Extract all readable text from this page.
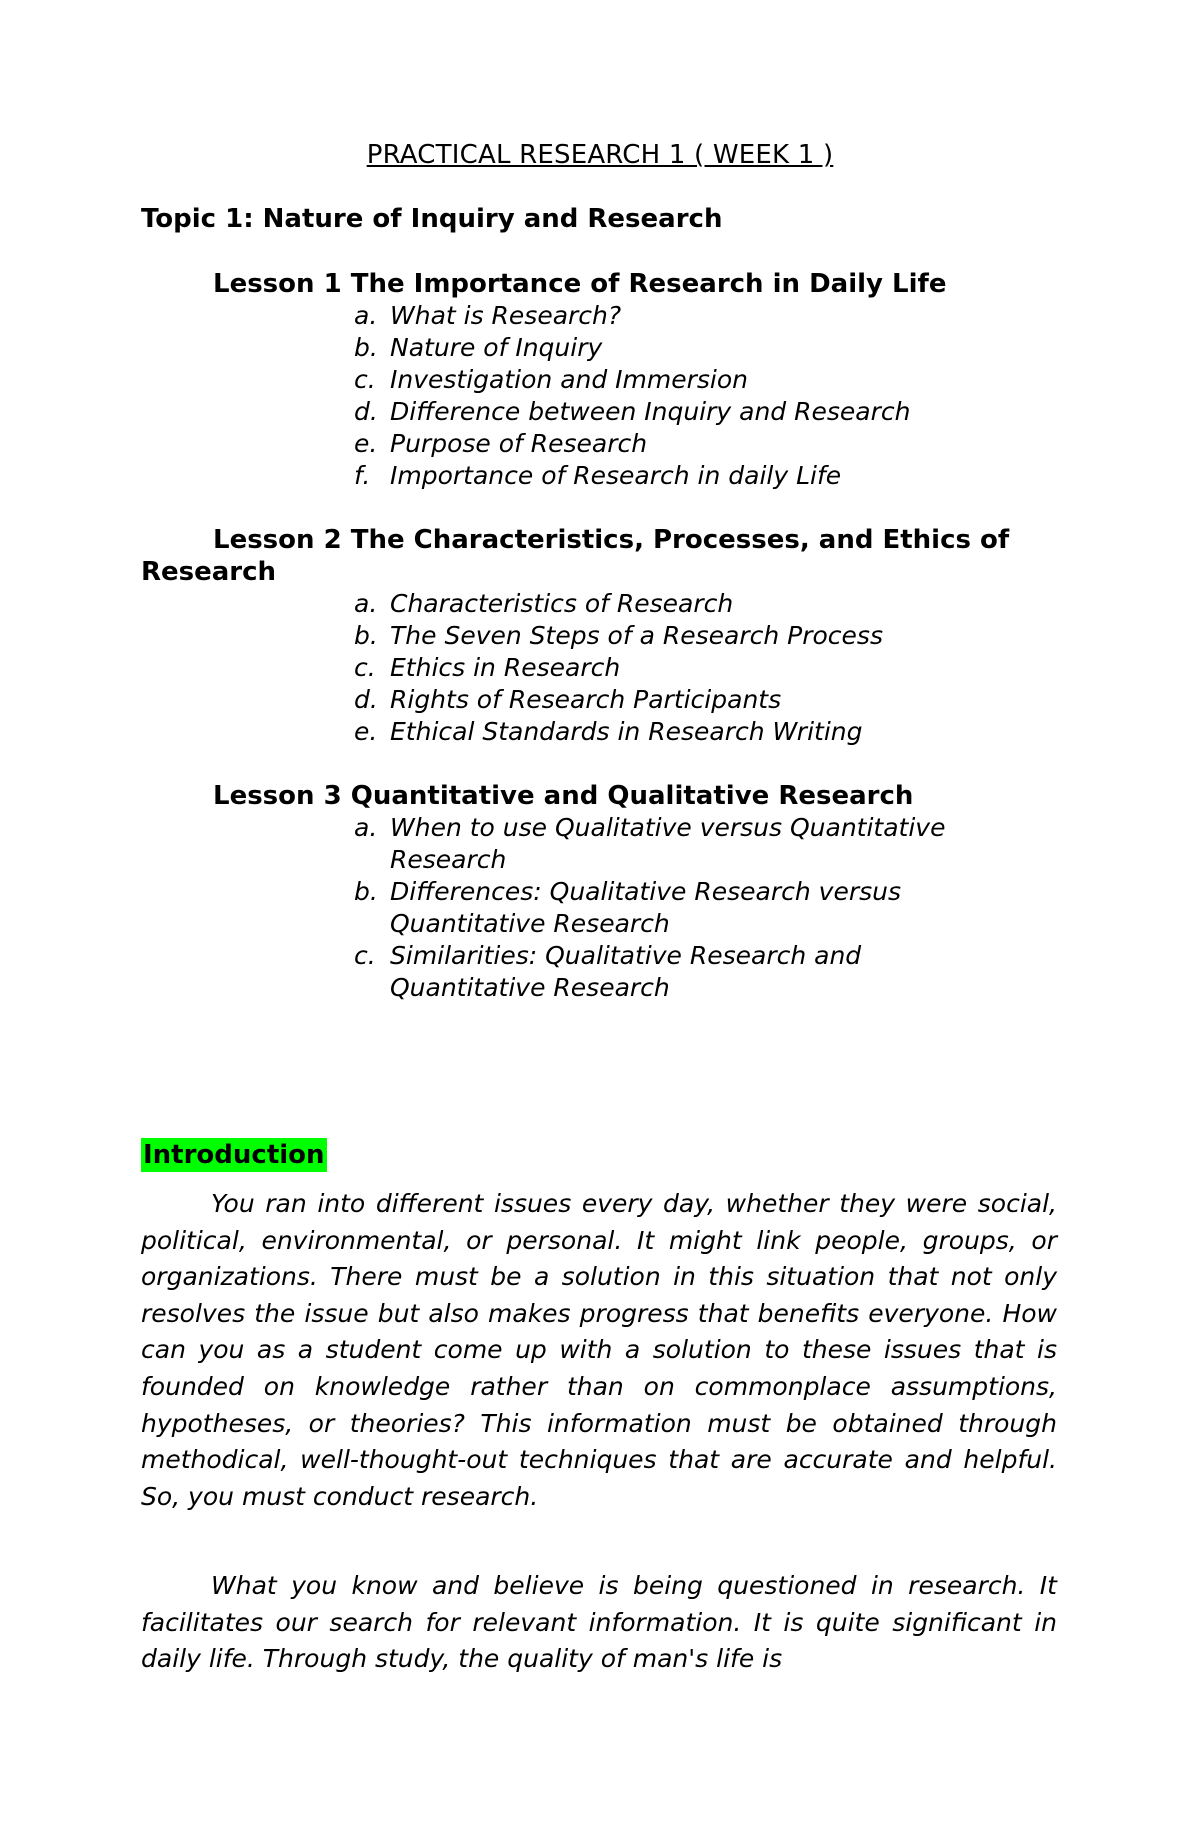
PRACTICAL RESEARCH 1 ( WEEK 1 )
Topic 1: Nature of Inquiry and Research
Lesson 1 The Importance of Research in Daily Life
a. What is Research?
b. Nature of Inquiry
c. Investigation and Immersion
d. Difference between Inquiry and Research
e. Purpose of Research
f. Importance of Research in daily Life
Lesson 2 The Characteristics, Processes, and Ethics of Research
a. Characteristics of Research
b. The Seven Steps of a Research Process
c. Ethics in Research
d. Rights of Research Participants
e. Ethical Standards in Research Writing
Lesson 3 Quantitative and Qualitative Research
a. When to use Qualitative versus Quantitative Research
b. Differences: Qualitative Research versus Quantitative Research
c. Similarities: Qualitative Research and Quantitative Research
Introduction

You ran into different issues every day, whether they were social, political, environmental, or personal. It might link people, groups, or organizations. There must be a solution in this situation that not only resolves the issue but also makes progress that benefits everyone. How can you as a student come up with a solution to these issues that is founded on knowledge rather than on commonplace assumptions, hypotheses, or theories? This information must be obtained through methodical, well-thought-out techniques that are accurate and helpful. So, you must conduct research.

What you know and believe is being questioned in research. It facilitates our search for relevant information. It is quite significant in daily life. Through study, the quality of man's life is
